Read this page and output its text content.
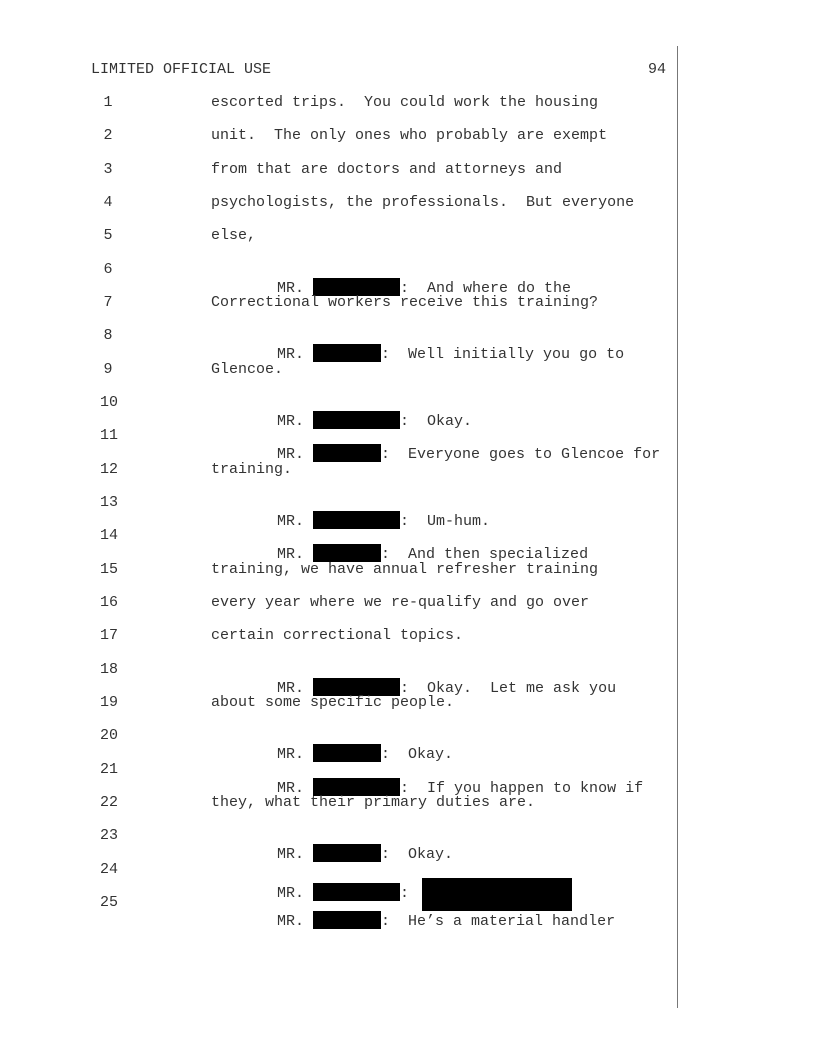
LIMITED OFFICIAL USE	94
1
2
3
4
5
6
7
8
9
10
11
12
13
14
15
16
17
18
19
20
21
22
23
24
25
escorted trips.  You could work the housing
unit.  The only ones who probably are exempt
from that are doctors and attorneys and
psychologists, the professionals.  But everyone
else,

MR.	:  And where do the

Correctional workers receive this training?

MR.	:  Well initially you go to

Glencoe.

MR.	:  Okay.

MR.	:  Everyone goes to Glencoe for

training.

MR.	:  Um-hum.

MR.	:  And then specialized

training, we have annual refresher training
every year where we re-qualify and go over
certain correctional topics.

MR.	:  Okay.  Let me ask you

about some specific people.

MR.	:  Okay.

MR.	:  If you happen to know if

they, what their primary duties are.

MR.	:  Okay.

MR.	:

MR.	:  He’s a material handler
